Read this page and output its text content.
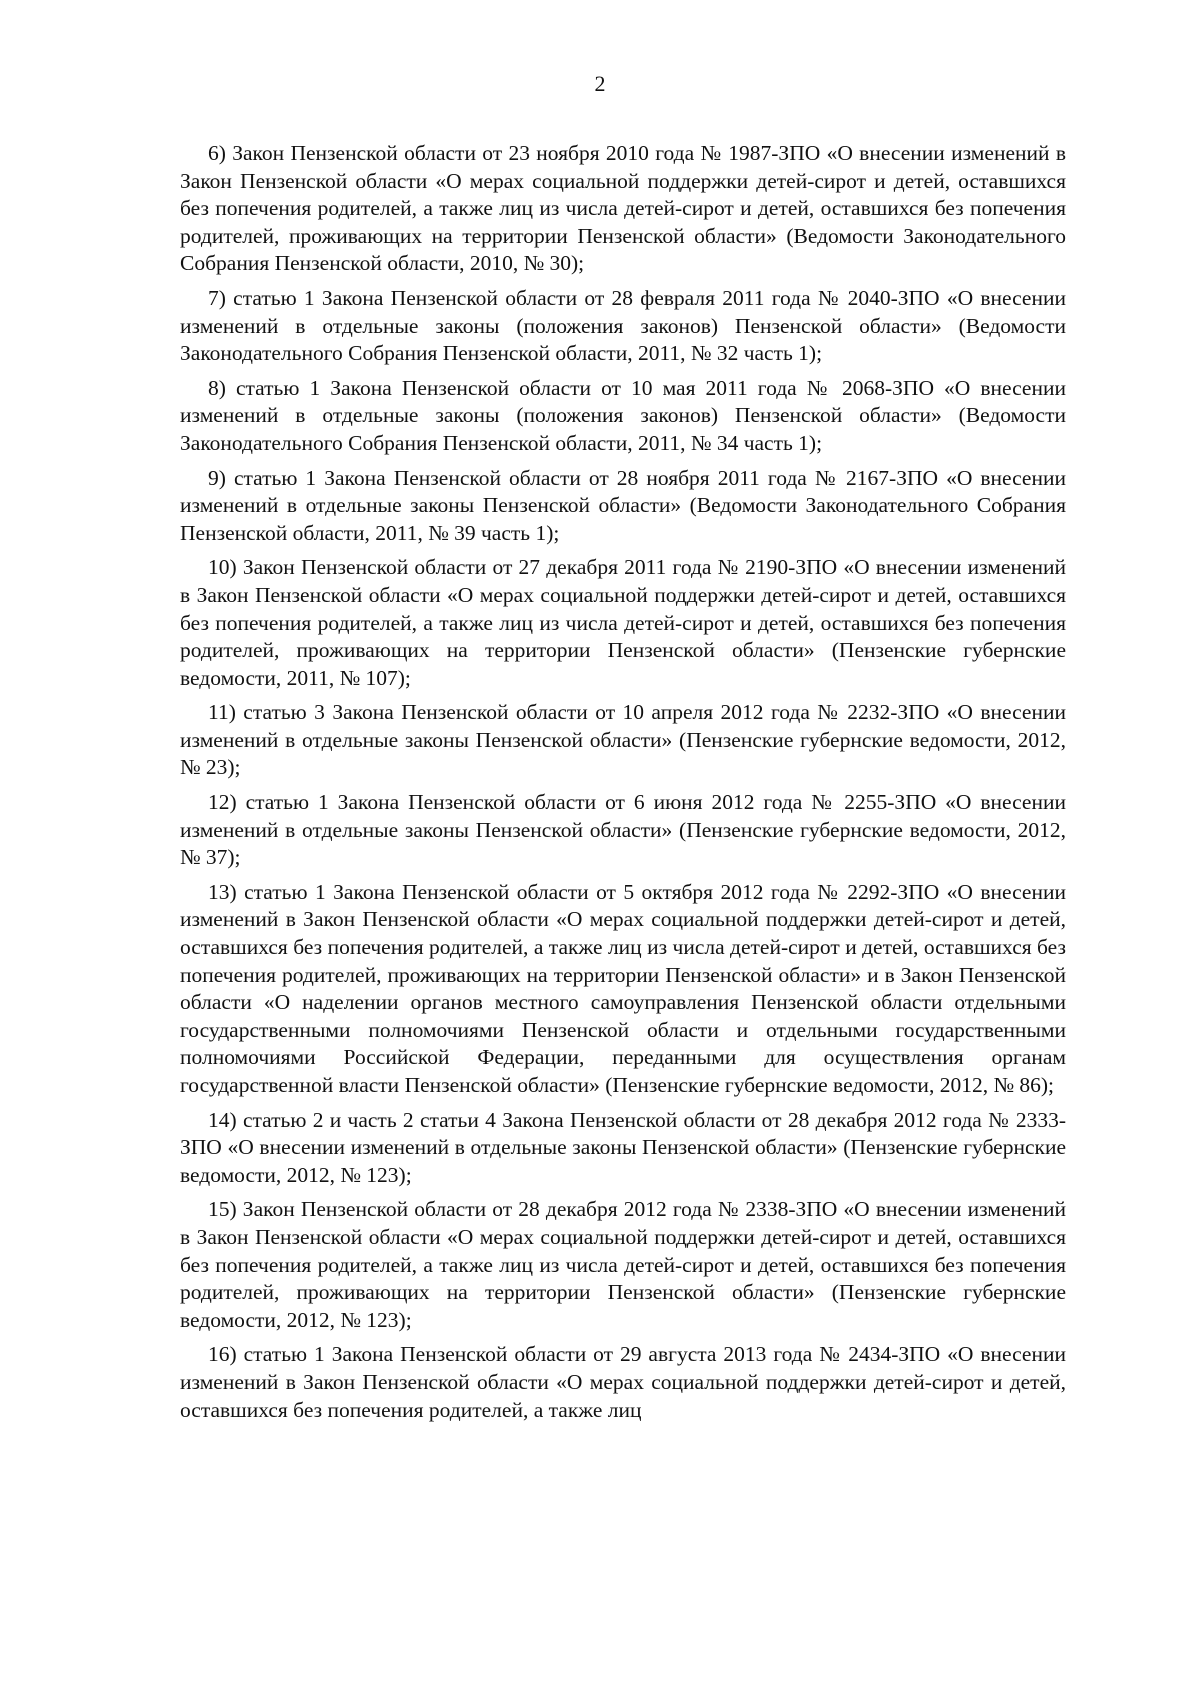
2

6) Закон Пензенской области от 23 ноября 2010 года № 1987-ЗПО «О внесении изменений в Закон Пензенской области «О мерах социальной поддержки детей-сирот и детей, оставшихся без попечения родителей, а также лиц из числа детей-сирот и детей, оставшихся без попечения родителей, проживающих на территории Пензенской области» (Ведомости Законодательного Собрания Пензенской области, 2010, № 30);

7) статью 1 Закона Пензенской области от 28 февраля 2011 года № 2040-ЗПО «О внесении изменений в отдельные законы (положения законов) Пензенской области» (Ведомости Законодательного Собрания Пензенской области, 2011, № 32 часть 1);

8) статью 1 Закона Пензенской области от 10 мая 2011 года № 2068-ЗПО «О внесении изменений в отдельные законы (положения законов) Пензенской области» (Ведомости Законодательного Собрания Пензенской области, 2011, № 34 часть 1);

9) статью 1 Закона Пензенской области от 28 ноября 2011 года № 2167-ЗПО «О внесении изменений в отдельные законы Пензенской области» (Ведомости Законодательного Собрания Пензенской области, 2011, № 39 часть 1);

10) Закон Пензенской области от 27 декабря 2011 года № 2190-ЗПО «О внесении изменений в Закон Пензенской области «О мерах социальной поддержки детей-сирот и детей, оставшихся без попечения родителей, а также лиц из числа детей-сирот и детей, оставшихся без попечения родителей, проживающих на территории Пензенской области» (Пензенские губернские ведомости, 2011, № 107);

11) статью 3 Закона Пензенской области от 10 апреля 2012 года № 2232-ЗПО «О внесении изменений в отдельные законы Пензенской области» (Пензенские губернские ведомости, 2012, № 23);

12) статью 1 Закона Пензенской области от 6 июня 2012 года № 2255-ЗПО «О внесении изменений в отдельные законы Пензенской области» (Пензенские губернские ведомости, 2012, № 37);

13) статью 1 Закона Пензенской области от 5 октября 2012 года № 2292-ЗПО «О внесении изменений в Закон Пензенской области «О мерах социальной поддержки детей-сирот и детей, оставшихся без попечения родителей, а также лиц из числа детей-сирот и детей, оставшихся без попечения родителей, проживающих на территории Пензенской области» и в Закон Пензенской области «О наделении органов местного самоуправления Пензенской области отдельными государственными полномочиями Пензенской области и отдельными государственными полномочиями Российской Федерации, переданными для осуществления органам государственной власти Пензенской области» (Пензенские губернские ведомости, 2012, № 86);

14) статью 2 и часть 2 статьи 4 Закона Пензенской области от 28 декабря 2012 года № 2333-ЗПО «О внесении изменений в отдельные законы Пензенской области» (Пензенские губернские ведомости, 2012, № 123);

15) Закон Пензенской области от 28 декабря 2012 года № 2338-ЗПО «О внесении изменений в Закон Пензенской области «О мерах социальной поддержки детей-сирот и детей, оставшихся без попечения родителей, а также лиц из числа детей-сирот и детей, оставшихся без попечения родителей, проживающих на территории Пензенской области» (Пензенские губернские ведомости, 2012, № 123);

16) статью 1 Закона Пензенской области от 29 августа 2013 года № 2434-ЗПО «О внесении изменений в Закон Пензенской области «О мерах социальной поддержки детей-сирот и детей, оставшихся без попечения родителей, а также лиц
